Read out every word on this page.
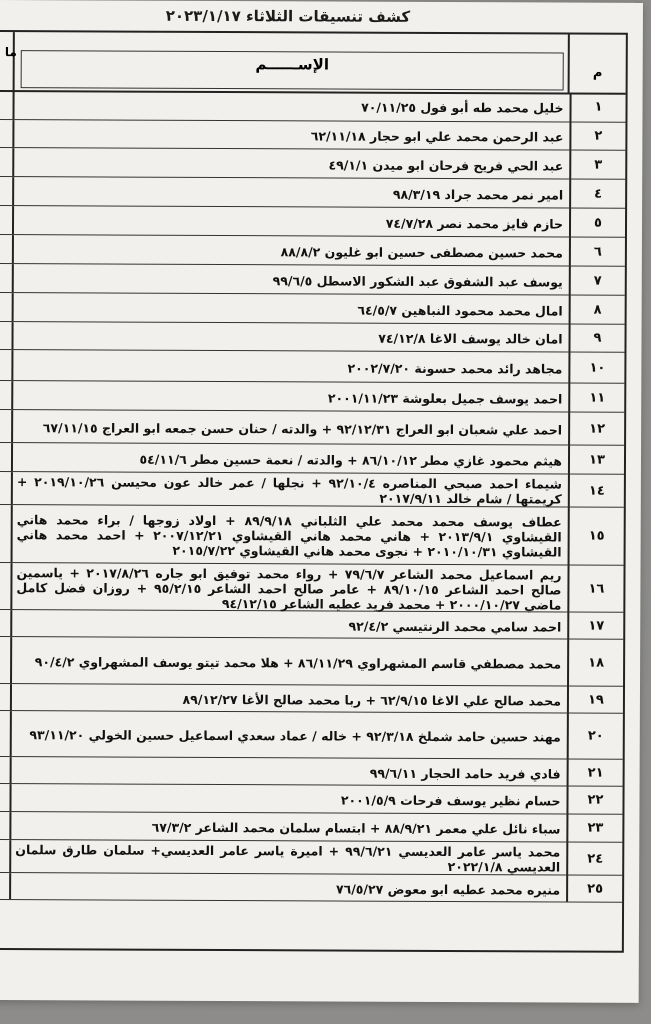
كشف تنسيقات الثلاثاء ٢٠٢٣/١/١٧
م
الإســــــم
ما
١
خليل محمد طه أبو فول ٧٠/١١/٢٥
٢
عبد الرحمن محمد علي ابو حجار ٦٢/١١/١٨
٣
عبد الحي فريح فرحان ابو ميدن ٤٩/١/١
٤
امير نمر محمد جراد ٩٨/٣/١٩
٥
حازم فايز محمد نصر ٧٤/٧/٢٨
٦
محمد حسين مصطفى حسين ابو غليون ٨٨/٨/٢
٧
يوسف عبد الشفوق عبد الشكور الاسطل ٩٩/٦/٥
٨
امال محمد محمود النباهين ٦٤/٥/٧
٩
امان خالد يوسف الاغا ٧٤/١٢/٨
١٠
مجاهد رائد محمد حسونة ٢٠٠٢/٧/٢٠
١١
احمد يوسف جميل بعلوشة ٢٠٠١/١١/٢٣
١٢
احمد علي شعبان ابو العراج ٩٢/١٢/٣١ + والدته / حنان حسن جمعه ابو العراج ٦٧/١١/١٥
١٣
هيثم محمود غازي مطر ٨٦/١٠/١٢ + والدته / نعمة حسين مطر ٥٤/١١/٦
١٤
شيماء احمد صبحي المناصره ٩٢/١٠/٤ + نجلها / عمر خالد عون محيسن ٢٠١٩/١٠/٢٦ + كريمتها / شام خالد ٢٠١٧/٩/١١
١٥
عطاف يوسف محمد محمد علي الثلباني ٨٩/٩/١٨ + اولاد زوجها / براء محمد هاني القيشاوي ٢٠١٣/٩/١ + هاني محمد هاني القيشاوي ٢٠٠٧/١٢/٢١ + احمد محمد هاني القيشاوي ٢٠١٠/١٠/٣١ + نجوى محمد هاني القيشاوي ٢٠١٥/٧/٢٢
١٦
ريم اسماعيل محمد الشاعر ٧٩/٦/٧ + رواء محمد توفيق ابو جاره ٢٠١٧/٨/٢٦ + ياسمين صالح احمد الشاعر ٨٩/١٠/١٥ + عامر صالح احمد الشاعر ٩٥/٢/١٥ + روزان فضل كامل ماضي ٢٠٠٠/١٠/٢٧ + محمد فريد عطيه الشاعر ٩٤/١٢/١٥
١٧
احمد سامي محمد الرنتيسي ٩٢/٤/٢
١٨
محمد مصطفي قاسم المشهراوي ٨٦/١١/٢٩ + هلا محمد تيتو يوسف المشهراوي ٩٠/٤/٢
١٩
محمد صالح علي الاغا ٦٢/٩/١٥ + ربا محمد صالح الأغا ٨٩/١٢/٢٧
٢٠
مهند حسين حامد شملخ ٩٢/٣/١٨ + خاله / عماد سعدي اسماعيل حسين الخولي ٩٣/١١/٢٠
٢١
فادي فريد حامد الحجار ٩٩/٦/١١
٢٢
حسام نظير يوسف فرحات ٢٠٠١/٥/٩
٢٣
سباء نائل علي معمر ٨٨/٩/٢١ + ابتسام سلمان محمد الشاعر ٦٧/٣/٢
٢٤
محمد ياسر عامر العديسي ٩٩/٦/٢١ + اميرة ياسر عامر العديسي+ سلمان طارق سلمان العديسي ٢٠٢٢/١/٨
٢٥
منيره محمد عطيه ابو معوض ٧٦/٥/٢٧
